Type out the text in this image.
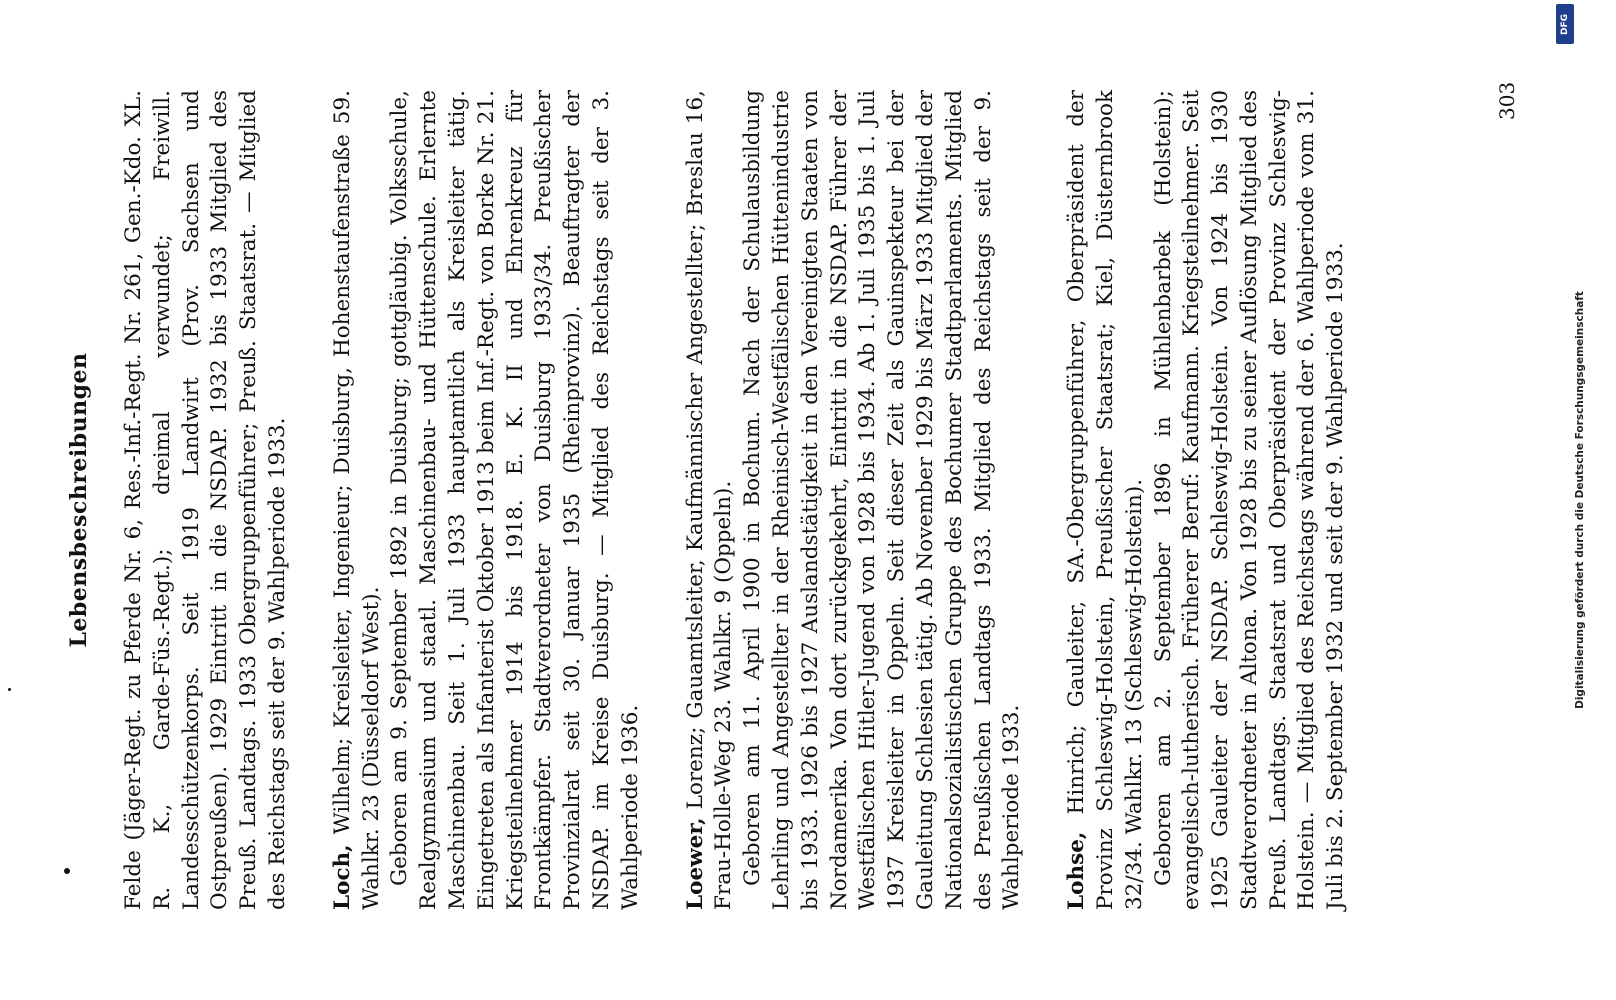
Lebensbeschreibungen Felde (Jäger-Regt. zu Pferde Nr. 6, Res.-Inf.-Regt. Nr. 261, Gen.-Kdo. XL. R. K., Garde-Füs.-Regt.); dreimal verwundet; Freiwill. Landesschützenkorps. Seit 1919 Landwirt (Prov. Sachsen und Ostpreußen). 1929 Eintritt in die NSDAP. 1932 bis 1933 Mitglied des Preuß. Landtags. 1933 Obergruppenführer; Preuß. Staatsrat. — Mitglied des Reichstags seit der 9. Wahlperiode 1933. Loch, Wilhelm; Kreisleiter, Ingenieur; Duisburg, Hohenstaufenstraße 59. Wahlkr. 23 (Düsseldorf West). Geboren am 9. September 1892 in Duisburg; gottgläubig. Volksschule, Realgymnasium und staatl. Maschinenbau- und Hüttenschule. Erlernte Maschinenbau. Seit 1. Juli 1933 hauptamtlich als Kreisleiter tätig. Eingetreten als Infanterist Oktober 1913 beim Inf.-Regt. von Borke Nr. 21. Kriegsteilnehmer 1914 bis 1918. E. K. II und Ehrenkreuz für Frontkämpfer. Stadtverordneter von Duisburg 1933/34. Preußischer Provinzialrat seit 30. Januar 1935 (Rheinprovinz). Beauftragter der NSDAP. im Kreise Duisburg. — Mitglied des Reichstags seit der 3. Wahlperiode 1936. Loewer, Lorenz; Gauamtsleiter, Kaufmännischer Angestellter; Breslau 16, Frau-Holle-Weg 23. Wahlkr. 9 (Oppeln). Geboren am 11. April 1900 in Bochum. Nach der Schulausbildung Lehrling und Angestellter in der Rheinisch-Westfälischen Hüttenindustrie bis 1933. 1926 bis 1927 Auslandstätigkeit in den Vereinigten Staaten von Nordamerika. Von dort zurückgekehrt, Eintritt in die NSDAP. Führer der Westfälischen Hitler-Jugend von 1928 bis 1934. Ab 1. Juli 1935 bis 1. Juli 1937 Kreisleiter in Oppeln. Seit dieser Zeit als Gauinspekteur bei der Gauleitung Schlesien tätig. Ab November 1929 bis März 1933 Mitglied der Nationalsozialistischen Gruppe des Bochumer Stadtparlaments. Mitglied des Preußischen Landtags 1933. Mitglied des Reichstags seit der 9. Wahlperiode 1933. Lohse, Hinrich; Gauleiter, SA.-Obergruppenführer, Oberpräsident der Provinz Schleswig-Holstein, Preußischer Staatsrat; Kiel, Düsternbrook 32/34. Wahlkr. 13 (Schleswig-Holstein). Geboren am 2. September 1896 in Mühlenbarbek (Holstein); evangelisch-lutherisch. Früherer Beruf: Kaufmann. Kriegsteilnehmer. Seit 1925 Gauleiter der NSDAP. Schleswig-Holstein. Von 1924 bis 1930 Stadtverordneter in Altona. Von 1928 bis zu seiner Auflösung Mitglied des Preuß. Landtags. Staatsrat und Oberpräsident der Provinz Schleswig-Holstein. — Mitglied des Reichstags während der 6. Wahlperiode vom 31. Juli bis 2. September 1932 und seit der 9. Wahlperiode 1933.

303
Digitalisierung gefördert durch die Deutsche Forschungsgemeinschaft
DFG
